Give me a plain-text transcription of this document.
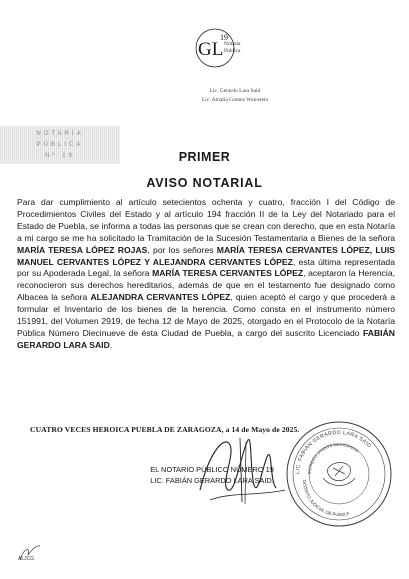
GL
19
Notaría
Pública
Lic. Gerardo Lara Said
Lic. Amalia Gómez Wainstein
NOTARÍA
PÚBLICA
Nº 19	PRIMER
AVISO NOTARIAL
Para dar cumplimiento al artículo setecientos ochenta y cuatro, fracción I del Código de Procedimientos Civiles del Estado y al artículo 194 fracción II de la Ley del Notariado para el Estado de Puebla, se informa a todas las personas que se crean con derecho, que en esta Notaría a mi cargo se me ha solicitado la Tramitación de la Sucesión Testamentaria a Bienes de la señora MARÍA TERESA LÓPEZ ROJAS, por los señores MARÍA TERESA CERVANTES LÓPEZ, LUIS MANUEL CERVANTES LÓPEZ Y ALEJANDRA CERVANTES LÓPEZ, esta última representada por su Apoderada Legal, la señora MARÍA TERESA CERVANTES LÓPEZ, aceptaron la Herencia, reconocieron sus derechos hereditarios, además de que en el testamento fue designado como Albacea la señora ALEJANDRA CERVANTES LÓPEZ, quien aceptó el cargo y que procederá a formular el Inventario de los bienes de la herencia. Como consta en el instrumento número 151991, del Volumen 2919, de fecha 12 de Mayo de 2025, otorgado en el Protocolo de la Notaría Pública Número Diecinueve de ésta Ciudad de Puebla, a cargo del suscrito Licenciado FABIÁN GERARDO LARA SAID.
CUATRO VECES HEROICA PUEBLA DE ZARAGOZA, a 14 de Mayo de 2025.
LIC. FABIÁN GERARDO LARA SAID
ESTADOS UNIDOS MEXICANOS
DISTRITO JUDICIAL DE PUEBLA
EL NOTARIO PÚBLICO NÚMERO 19
LIC. FABIÁN GERARDO LARA SAID.
ALJCG
